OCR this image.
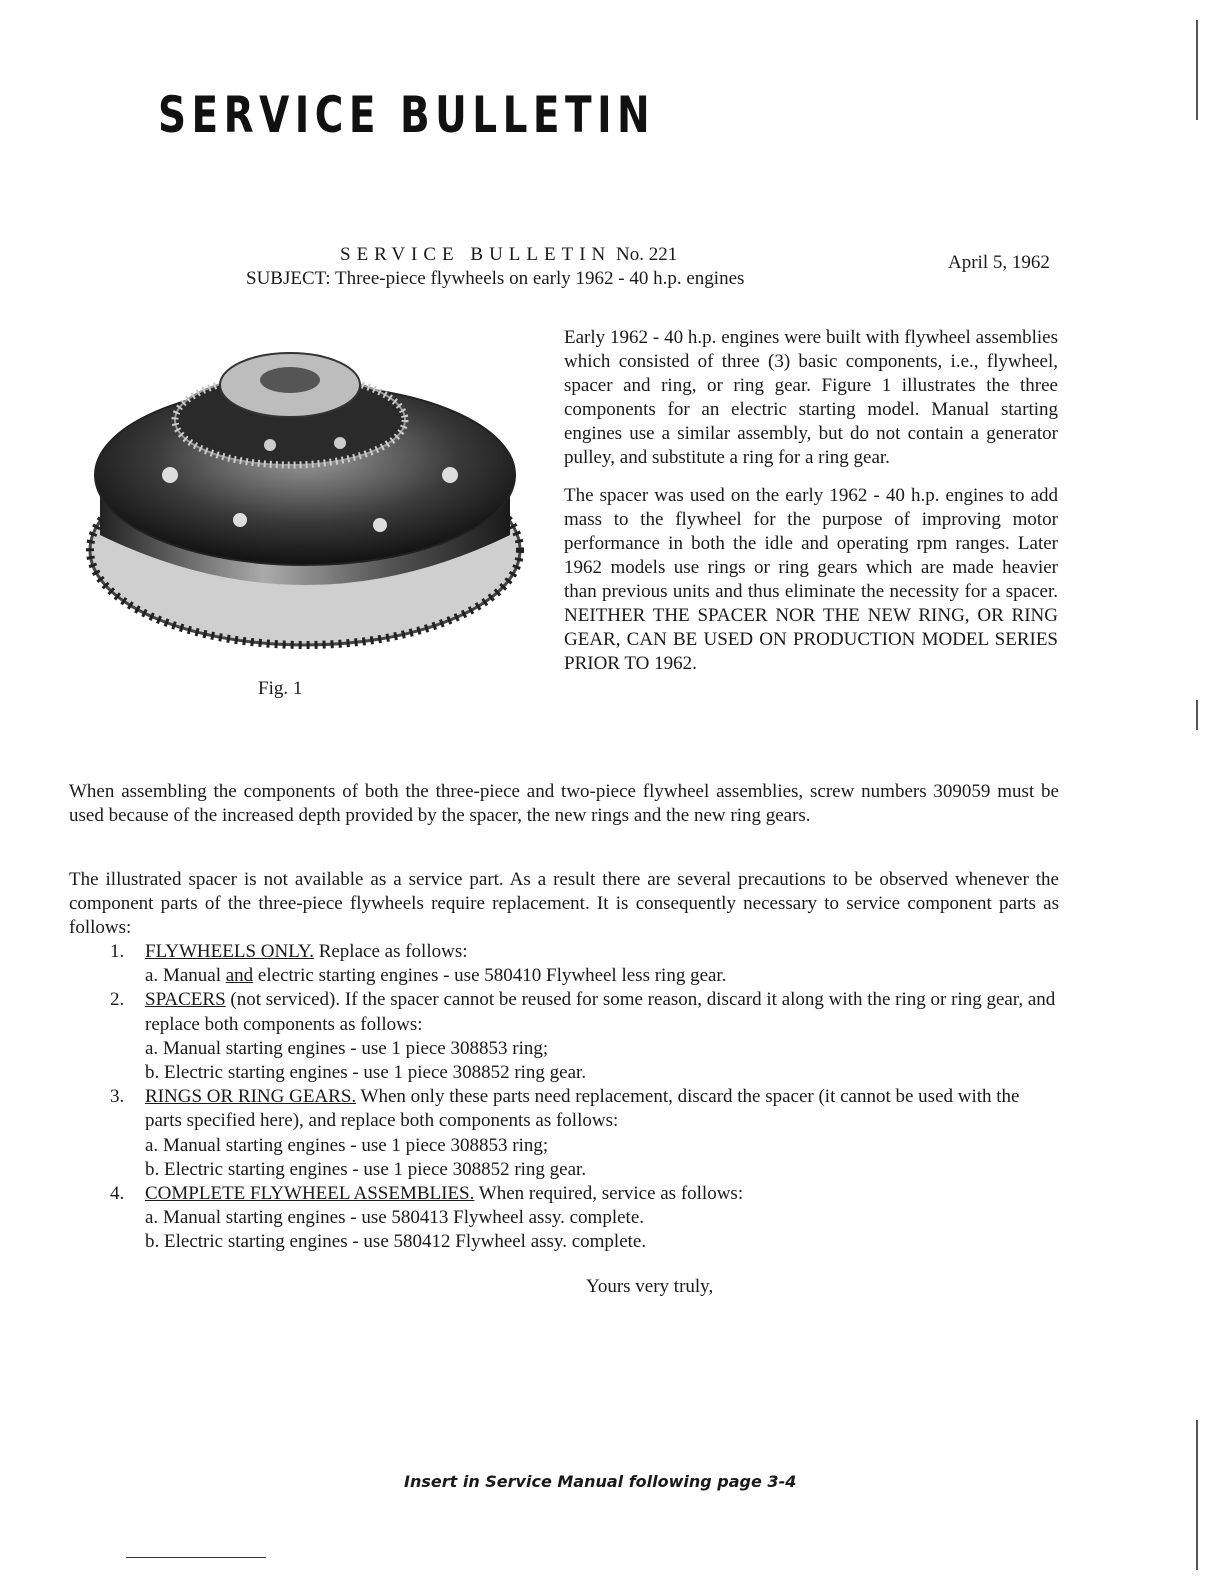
SERVICE BULLETIN
SERVICE BULLETIN No. 221
SUBJECT: Three-piece flywheels on early 1962 - 40 h.p. engines
April 5, 1962
Fig. 1

Early 1962 - 40 h.p. engines were built with flywheel assemblies which consisted of three (3) basic components, i.e., flywheel, spacer and ring, or ring gear. Figure 1 illustrates the three components for an electric starting model. Manual starting engines use a similar assembly, but do not contain a generator pulley, and substitute a ring for a ring gear.

The spacer was used on the early 1962 - 40 h.p. engines to add mass to the flywheel for the purpose of improving motor performance in both the idle and operating rpm ranges. Later 1962 models use rings or ring gears which are made heavier than previous units and thus eliminate the necessity for a spacer. NEITHER THE SPACER NOR THE NEW RING, OR RING GEAR, CAN BE USED ON PRODUCTION MODEL SERIES PRIOR TO 1962.

When assembling the components of both the three-piece and two-piece flywheel assemblies, screw numbers 309059 must be used because of the increased depth provided by the spacer, the new rings and the new ring gears.

The illustrated spacer is not available as a service part. As a result there are several precautions to be observed whenever the component parts of the three-piece flywheels require replacement. It is consequently necessary to service component parts as follows:

1. FLYWHEELS ONLY. Replace as follows:
a. Manual and electric starting engines - use 580410 Flywheel less ring gear.
2. SPACERS (not serviced). If the spacer cannot be reused for some reason, discard it along with the ring or ring gear, and replace both components as follows:
a. Manual starting engines - use 1 piece 308853 ring;
b. Electric starting engines - use 1 piece 308852 ring gear.
3. RINGS OR RING GEARS. When only these parts need replacement, discard the spacer (it cannot be used with the parts specified here), and replace both components as follows:
a. Manual starting engines - use 1 piece 308853 ring;
b. Electric starting engines - use 1 piece 308852 ring gear.
4. COMPLETE FLYWHEEL ASSEMBLIES. When required, service as follows:
a. Manual starting engines - use 580413 Flywheel assy. complete.
b. Electric starting engines - use 580412 Flywheel assy. complete.
Yours very truly,
Insert in Service Manual following page 3-4
